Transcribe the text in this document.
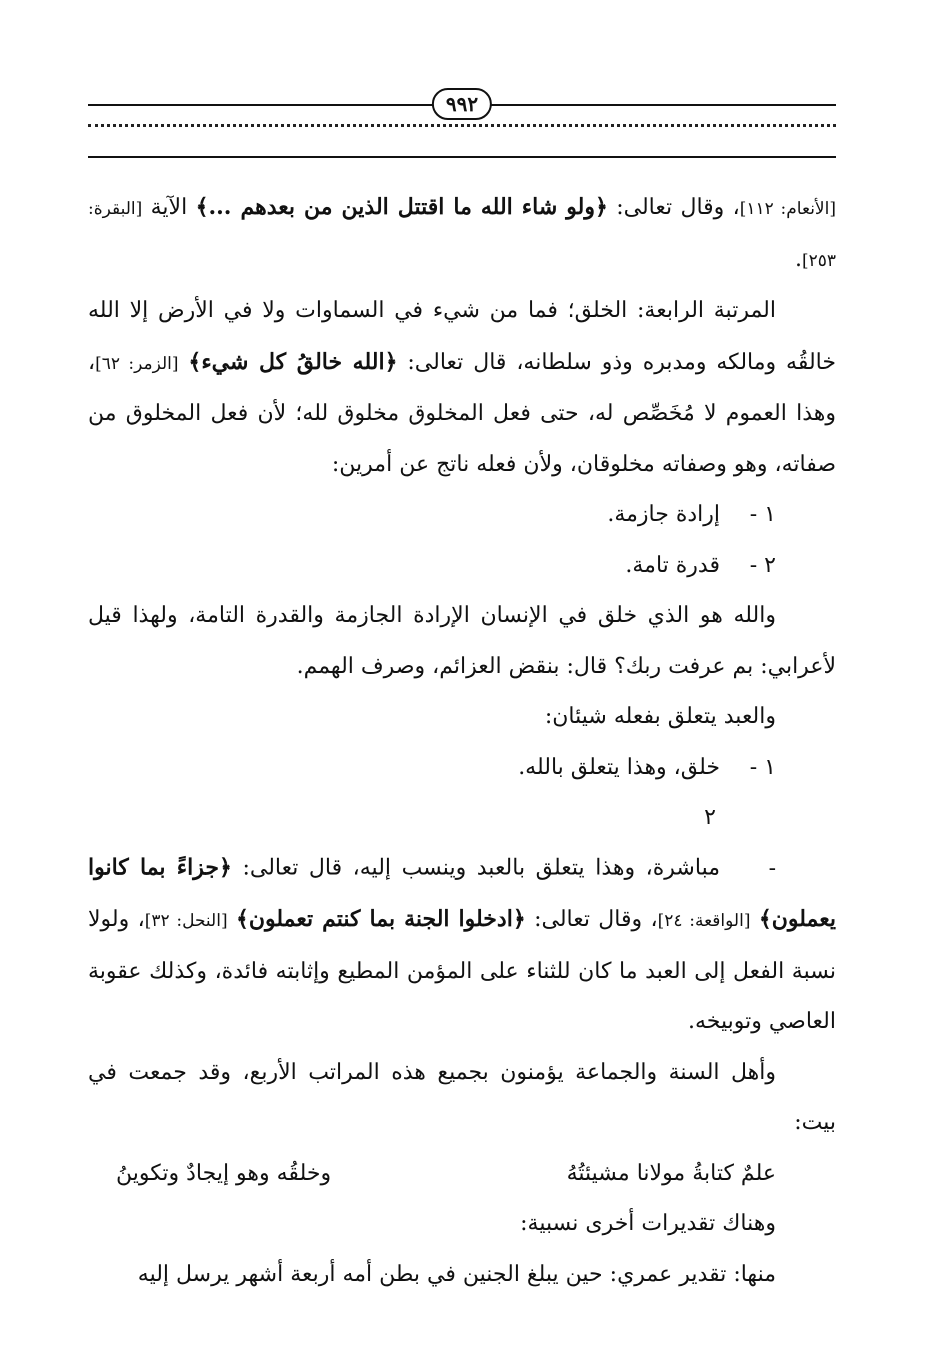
٩٩٢

[الأنعام: ١١٢]، وقال تعالى: ﴿ولو شاء الله ما اقتتل الذين من بعدهم ...﴾ الآية [البقرة: ٢٥٣].

المرتبة الرابعة: الخلق؛ فما من شيء في السماوات ولا في الأرض إلا الله خالقُه ومالكه ومدبره وذو سلطانه، قال تعالى: ﴿الله خالقُ كل شيء﴾ [الزمر: ٦٢]، وهذا العموم لا مُخَصِّص له، حتى فعل المخلوق مخلوق لله؛ لأن فعل المخلوق من صفاته، وهو وصفاته مخلوقان، ولأن فعله ناتج عن أمرين:

١ -إرادة جازمة.

٢ -قدرة تامة.

والله هو الذي خلق في الإنسان الإرادة الجازمة والقدرة التامة، ولهذا قيل لأعرابي: بم عرفت ربك؟ قال: بنقض العزائم، وصرف الهمم.

والعبد يتعلق بفعله شيئان:

١ -خلق، وهذا يتعلق بالله.

٢ -مباشرة، وهذا يتعلق بالعبد وينسب إليه، قال تعالى: ﴿جزاءً بما كانوا يعملون﴾ [الواقعة: ٢٤]، وقال تعالى: ﴿ادخلوا الجنة بما كنتم تعملون﴾ [النحل: ٣٢]، ولولا نسبة الفعل إلى العبد ما كان للثناء على المؤمن المطيع وإثابته فائدة، وكذلك عقوبة العاصي وتوبيخه.

وأهل السنة والجماعة يؤمنون بجميع هذه المراتب الأربع، وقد جمعت في بيت:

علمٌ كتابةُ مولانا مشيئتُهُ
وخلقُه وهو إيجادٌ وتكوينُ

وهناك تقديرات أخرى نسبية:

منها: تقدير عمري: حين يبلغ الجنين في بطن أمه أربعة أشهر يرسل إليه
